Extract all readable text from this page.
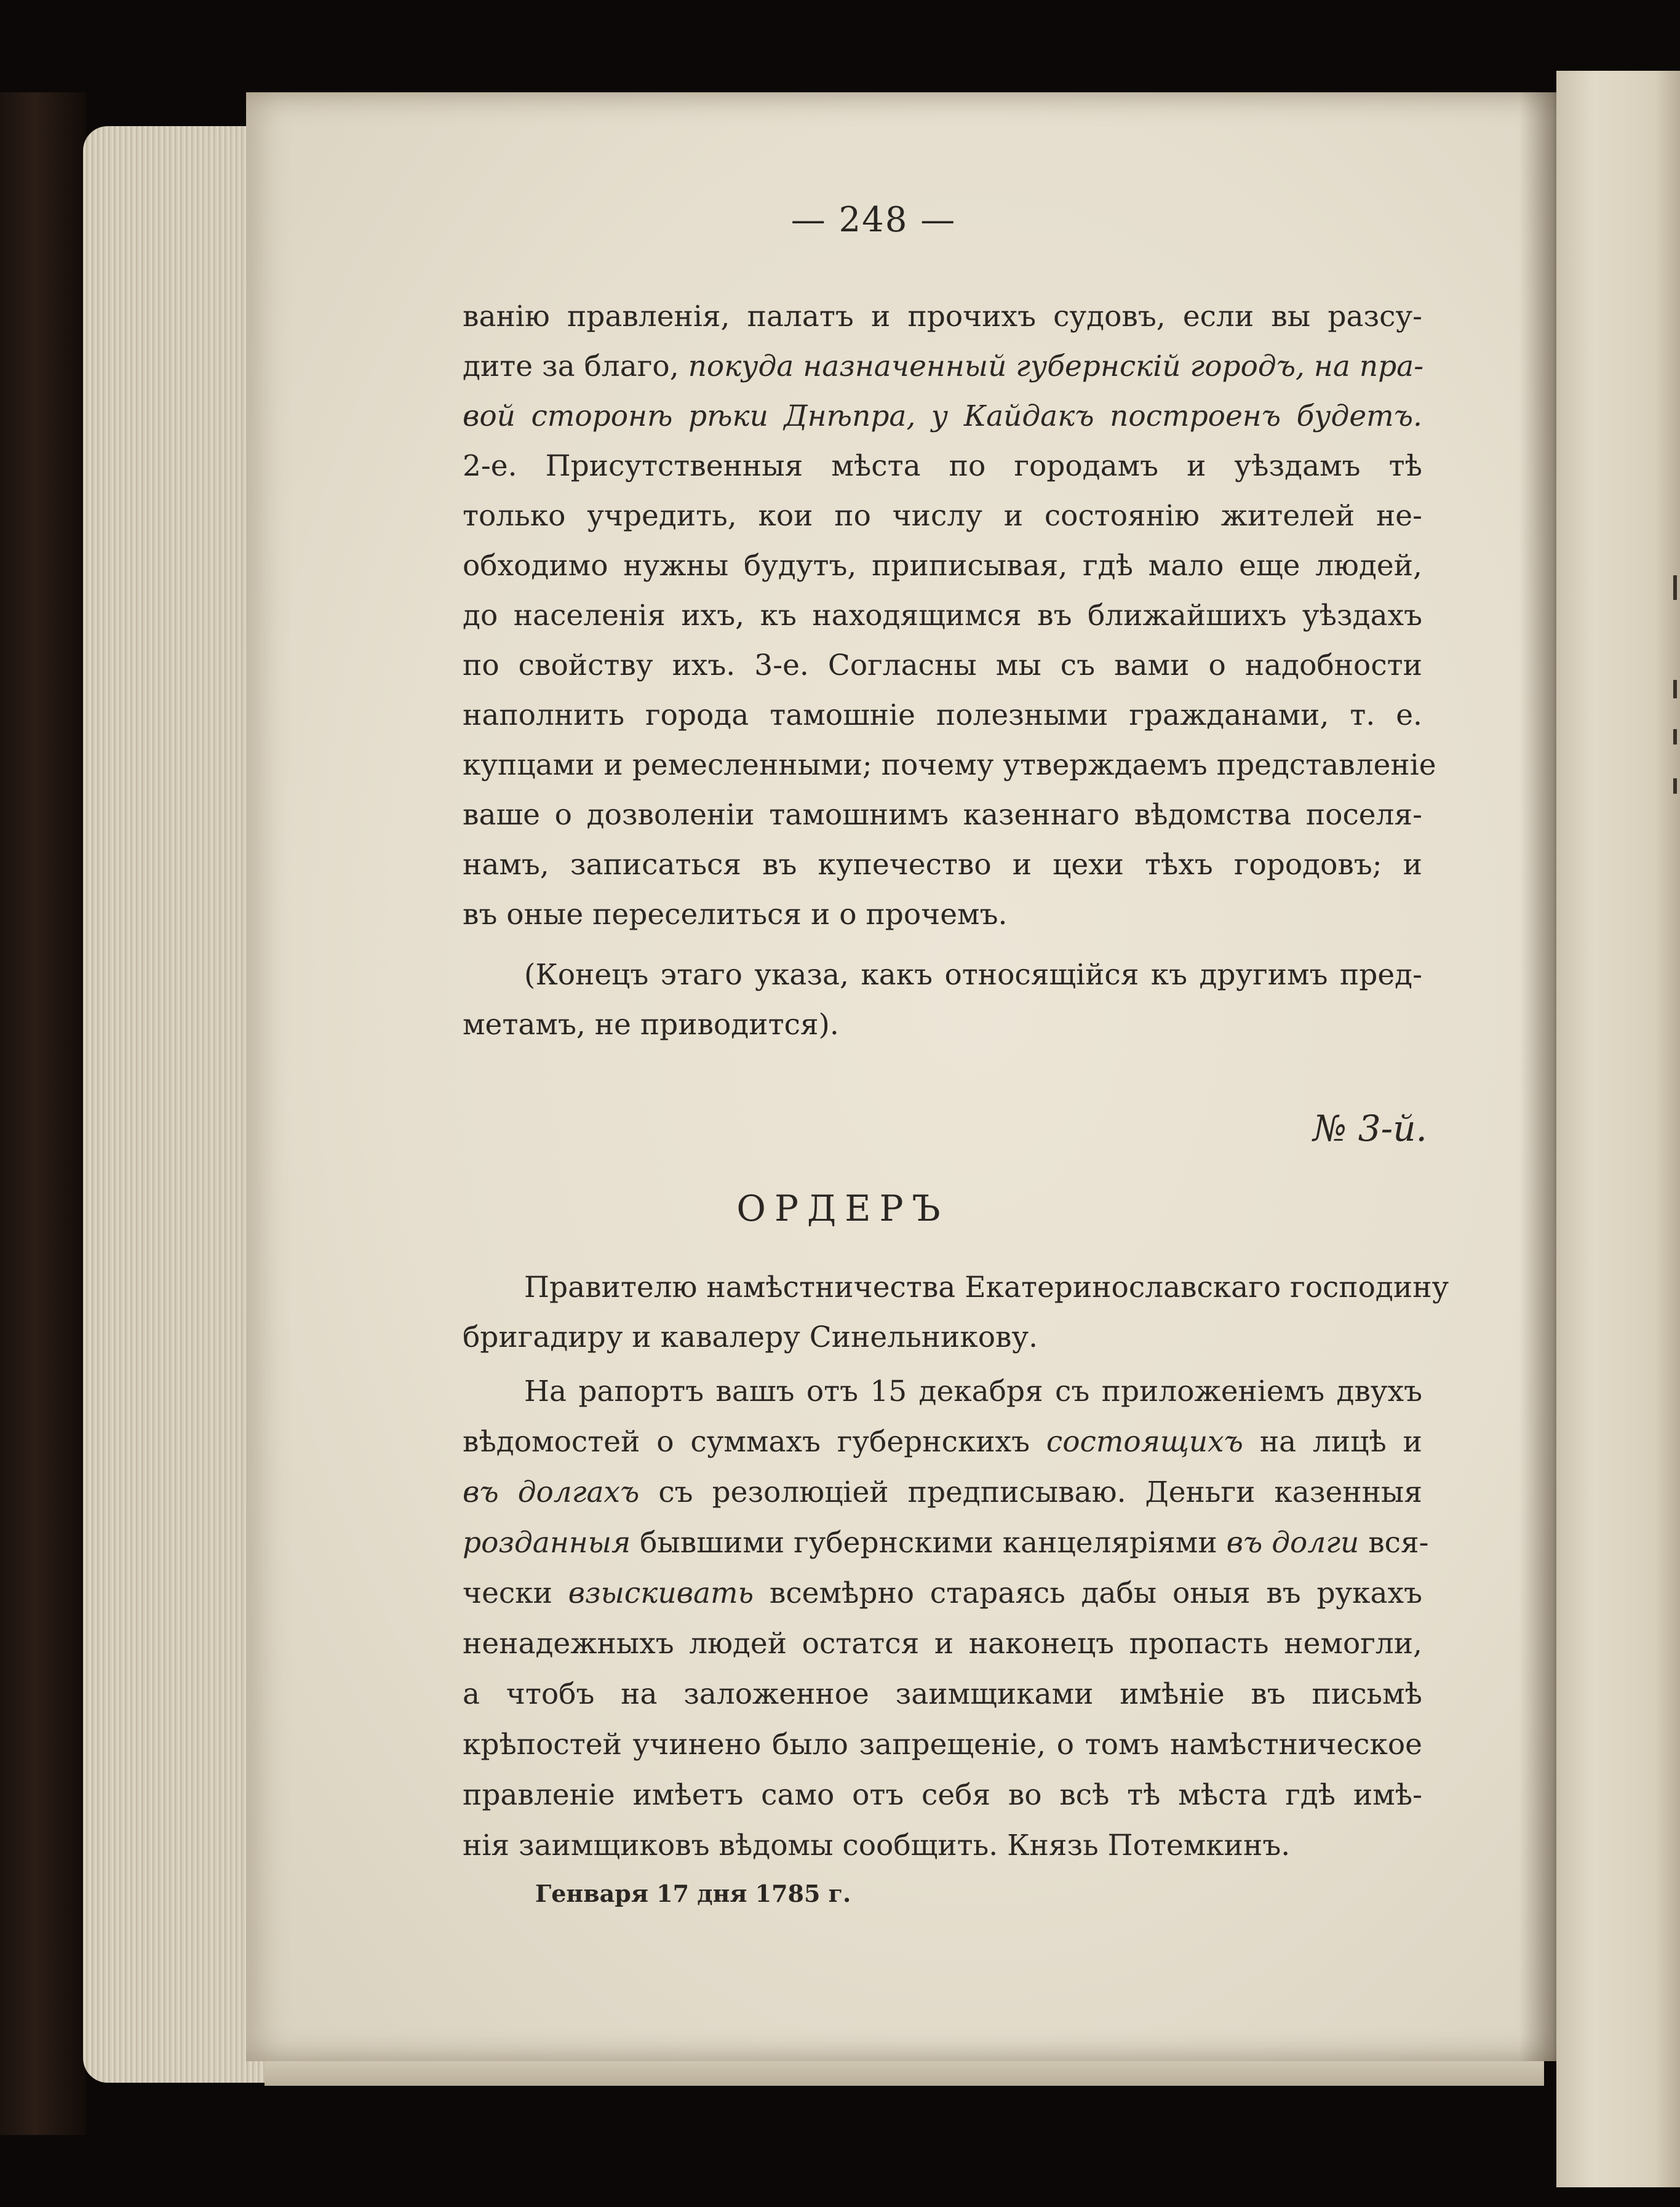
— 248 —
ванію правленія, палатъ и прочихъ судовъ, если вы разсу-
дите за благо, покуда назначенный губернскій городъ, на пра-
вой сторонѣ рѣки Днѣпра, у Кайдакъ построенъ будетъ.
2-е. Присутственныя мѣста по городамъ и уѣздамъ тѣ
только учредить, кои по числу и состоянію жителей не-
обходимо нужны будутъ, приписывая, гдѣ мало еще людей,
до населенія ихъ, къ находящимся въ ближайшихъ уѣздахъ
по свойству ихъ. 3-е. Согласны мы съ вами о надобности
наполнить города тамошніе полезными гражданами, т. е.
купцами и ремесленными; почему утверждаемъ представленіе
ваше о дозволеніи тамошнимъ казеннаго вѣдомства поселя-
намъ, записаться въ купечество и цехи тѣхъ городовъ; и
въ оные переселиться и о прочемъ.
(Конецъ этаго указа, какъ относящійся къ другимъ пред-
метамъ, не приводится).
№ 3-й.
ОРДЕРЪ
Правителю намѣстничества Екатеринославскаго господину
бригадиру и кавалеру Синельникову.
На рапортъ вашъ отъ 15 декабря съ приложеніемъ двухъ
вѣдомостей о суммахъ губернскихъ состоящихъ на лицѣ и
въ долгахъ съ резолюціей предписываю. Деньги казенныя
розданныя бывшими губернскими канцеляріями въ долги вся-
чески взыскивать всемѣрно стараясь дабы оныя въ рукахъ
ненадежныхъ людей остатся и наконецъ пропасть немогли,
а чтобъ на заложенное заимщиками имѣніе въ письмѣ
крѣпостей учинено было запрещеніе, о томъ намѣстническое
правленіе имѣетъ само отъ себя во всѣ тѣ мѣста гдѣ имѣ-
нія заимщиковъ вѣдомы сообщить. Князь Потемкинъ.
Генваря 17 дня 1785 г.
